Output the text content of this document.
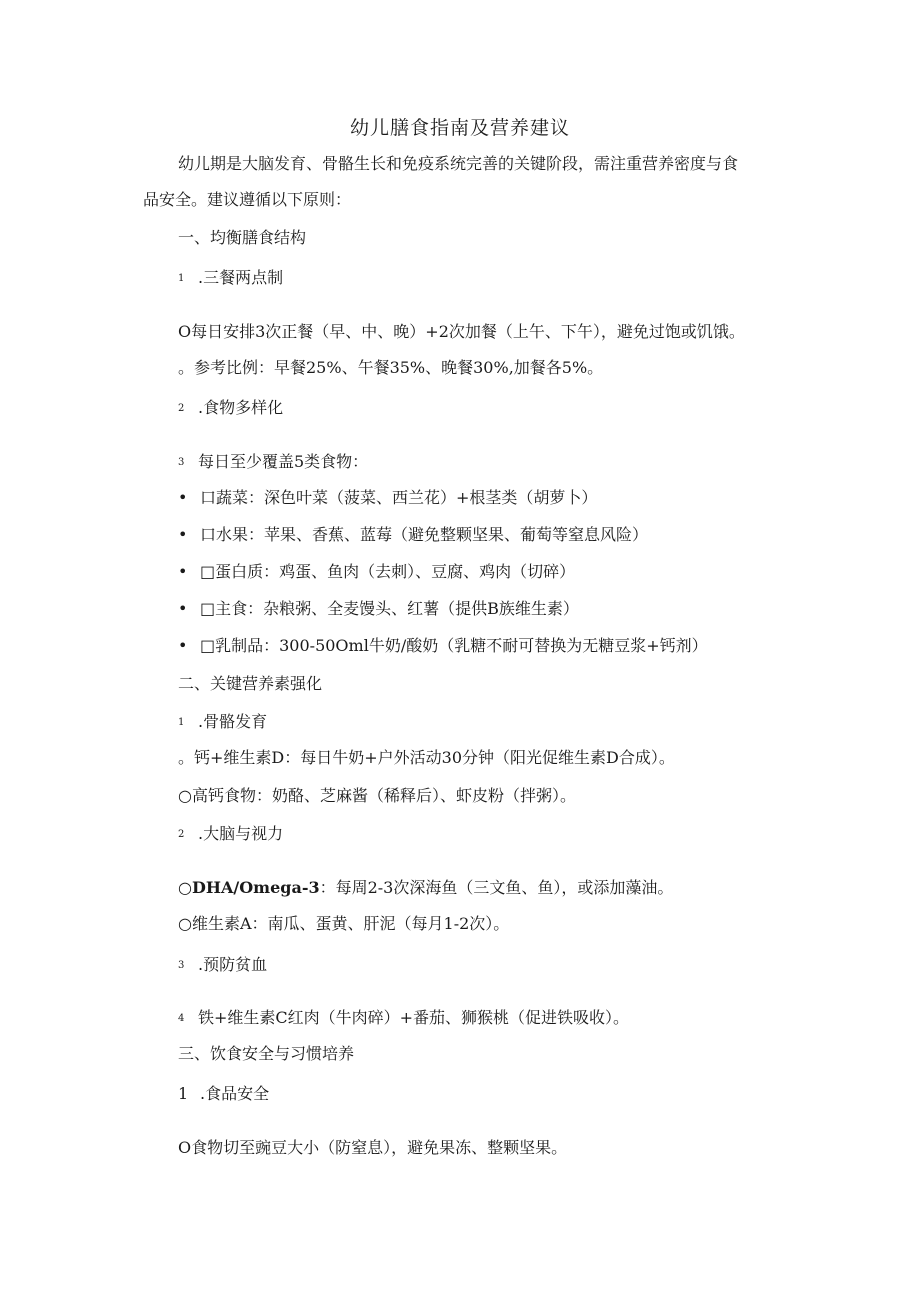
幼儿膳食指南及营养建议
幼儿期是大脑发育、骨骼生长和免疫系统完善的关键阶段，需注重营养密度与食
品安全。建议遵循以下原则：
一、均衡膳食结构
1 .三餐两点制
O每日安排3次正餐（早、中、晚）+2次加餐（上午、下午），避免过饱或饥饿。
。参考比例：早餐25%、午餐35%、晚餐30%,加餐各5%。
2 .食物多样化
3 每日至少覆盖5类食物：
• 口蔬菜：深色叶菜（菠菜、西兰花）+根茎类（胡萝卜）
• 口水果：苹果、香蕉、蓝莓（避免整颗坚果、葡萄等窒息风险）
• □蛋白质：鸡蛋、鱼肉（去刺）、豆腐、鸡肉（切碎）
• □主食：杂粮粥、全麦馒头、红薯（提供B族维生素）
• □乳制品：300-50Oml牛奶/酸奶（乳糖不耐可替换为无糖豆浆+钙剂）
二、关键营养素强化
1 .骨骼发育
。钙+维生素D：每日牛奶+户外活动30分钟（阳光促维生素D合成）。
○高钙食物：奶酪、芝麻酱（稀释后）、虾皮粉（拌粥）。
2 .大脑与视力
○DHA/Omega-3：每周2-3次深海鱼（三文鱼、鱼），或添加藻油。
○维生素A：南瓜、蛋黄、肝泥（每月1-2次）。
3 .预防贫血
4 铁+维生素C红肉（牛肉碎）+番茄、狮猴桃（促进铁吸收）。
三、饮食安全与习惯培养
1 .食品安全
O食物切至豌豆大小（防窒息），避免果冻、整颗坚果。
